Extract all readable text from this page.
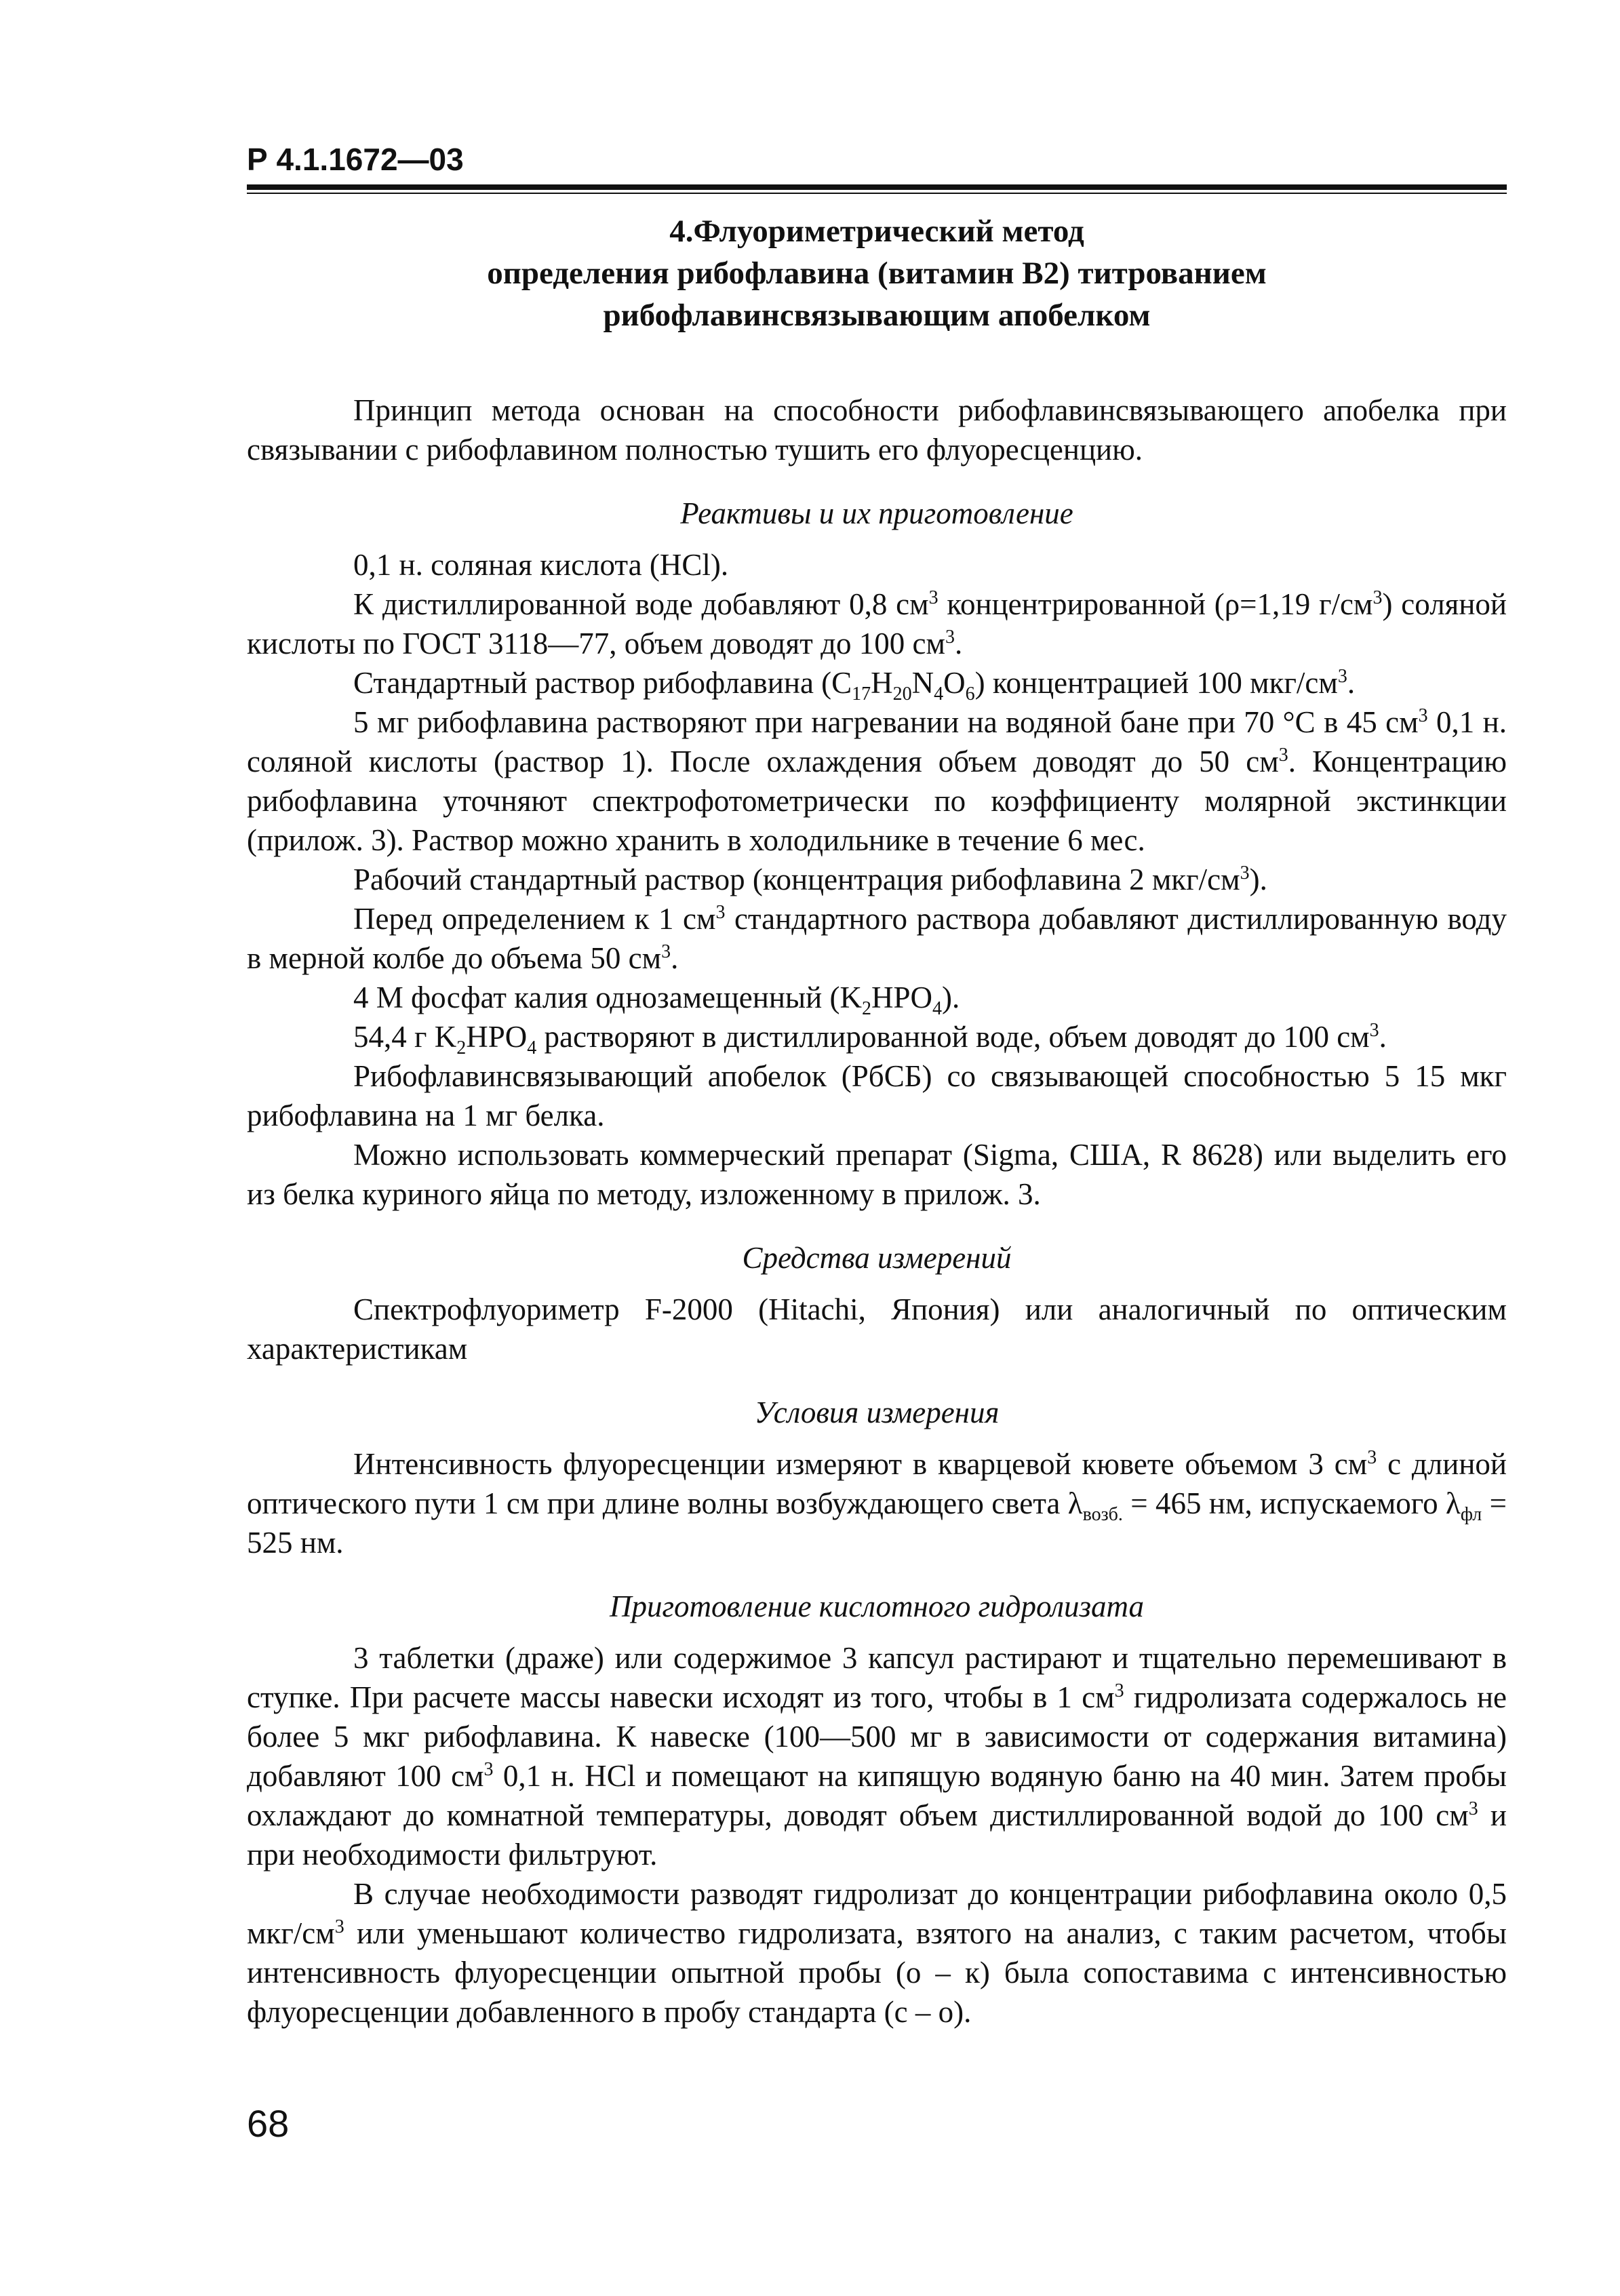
Р 4.1.1672—03
4.Флуориметрический метод
определения рибофлавина (витамин В2) титрованием
рибофлавинсвязывающим апобелком

Принцип метода основан на способности рибофлавинсвязывающего апобелка при связывании с рибофлавином полностью тушить его флуоресценцию.

Реактивы и их приготовление

0,1 н. соляная кислота (HCl).

К дистиллированной воде добавляют 0,8 $см^3$ концентрированной (ρ=1,19 $г/см^3$) соляной кислоты по ГОСТ 3118—77, объем доводят до 100 $см^3$.

Стандартный раствор рибофлавина $(C_{17}H_{20}N_4O_6)$ концентрацией 100 мкг/$см^3$.

5 мг рибофлавина растворяют при нагревании на водяной бане при 70 °С в 45 $см^3$ 0,1 н. соляной кислоты (раствор 1). После охлаждения объем доводят до 50 $см^3$. Концентрацию рибофлавина уточняют спектрофотометрически по коэффициенту молярной экстинкции (прилож. 3). Раствор можно хранить в холодильнике в течение 6 мес.

Рабочий стандартный раствор (концентрация рибофлавина 2 мкг/$см^3$).

Перед определением к 1 $см^3$ стандартного раствора добавляют дистиллированную воду в мерной колбе до объема 50 $см^3$.

4 М фосфат калия однозамещенный $(K_2HPO_4)$.

54,4 г $K_2HPO_4$ растворяют в дистиллированной воде, объем доводят до 100 $см^3$.

Рибофлавинсвязывающий апобелок (РбСБ) со связывающей способностью 5 15 мкг рибофлавина на 1 мг белка.

Можно использовать коммерческий препарат (Sigma, США, R 8628) или выделить его из белка куриного яйца по методу, изложенному в прилож. 3.

Средства измерений

Спектрофлуориметр F-2000 (Hitachi, Япония) или аналогичный по оптическим характеристикам

Условия измерения

Интенсивность флуоресценции измеряют в кварцевой кювете объемом 3 $см^3$ с длиной оптического пути 1 см при длине волны возбуждающего света $\lambda_{возб.} = 465$ нм, испускаемого $\lambda_{фл} = 525$ нм.

Приготовление кислотного гидролизата

3 таблетки (драже) или содержимое 3 капсул растирают и тщательно перемешивают в ступке. При расчете массы навески исходят из того, чтобы в 1 $см^3$ гидролизата содержалось не более 5 мкг рибофлавина. К навеске (100—500 мг в зависимости от содержания витамина) добавляют 100 $см^3$ 0,1 н. HCl и помещают на кипящую водяную баню на 40 мин. Затем пробы охлаждают до комнатной температуры, доводят объем дистиллированной водой до 100 $см^3$ и при необходимости фильтруют.

В случае необходимости разводят гидролизат до концентрации рибофлавина около 0,5 мкг/$см^3$ или уменьшают количество гидролизата, взятого на анализ, с таким расчетом, чтобы интенсивность флуоресценции опытной пробы (о – к) была сопоставима с интенсивностью флуоресценции добавленного в пробу стандарта (с – о).

68
